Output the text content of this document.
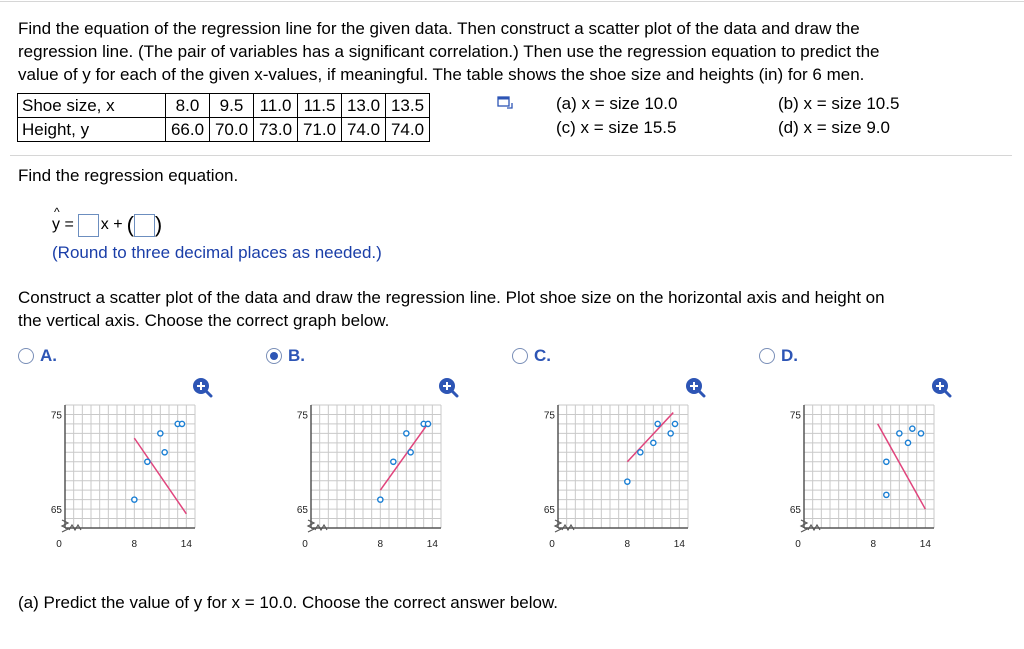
Find the equation of the regression line for the given data. Then construct a scatter plot of the data and draw the

regression line. (The pair of variables has a significant correlation.) Then use the regression equation to predict the

value of y for each of the given x-values, if meaningful. The table shows the shoe size and heights (in) for 6 men.

Shoe size, x	8.0	9.5	11.0	11.5	13.0	13.5
Height, y	66.0	70.0	73.0	71.0	74.0	74.0
(a) x = size 10.0	(b) x = size 10.5
(c) x = size 15.5	(d) x = size 9.0
Find the regression equation.
^
y = x + ( )
(Round to three decimal places as needed.)
Construct a scatter plot of the data and draw the regression line. Plot shoe size on the horizontal axis and height on
the vertical axis. Choose the correct graph below.
A.	B.	C.	D.
75
65
0	8	14
75
65
0	8	14
75
65
0	8	14
75
65
0	8	14
(a) Predict the value of y for x = 10.0. Choose the correct answer below.
